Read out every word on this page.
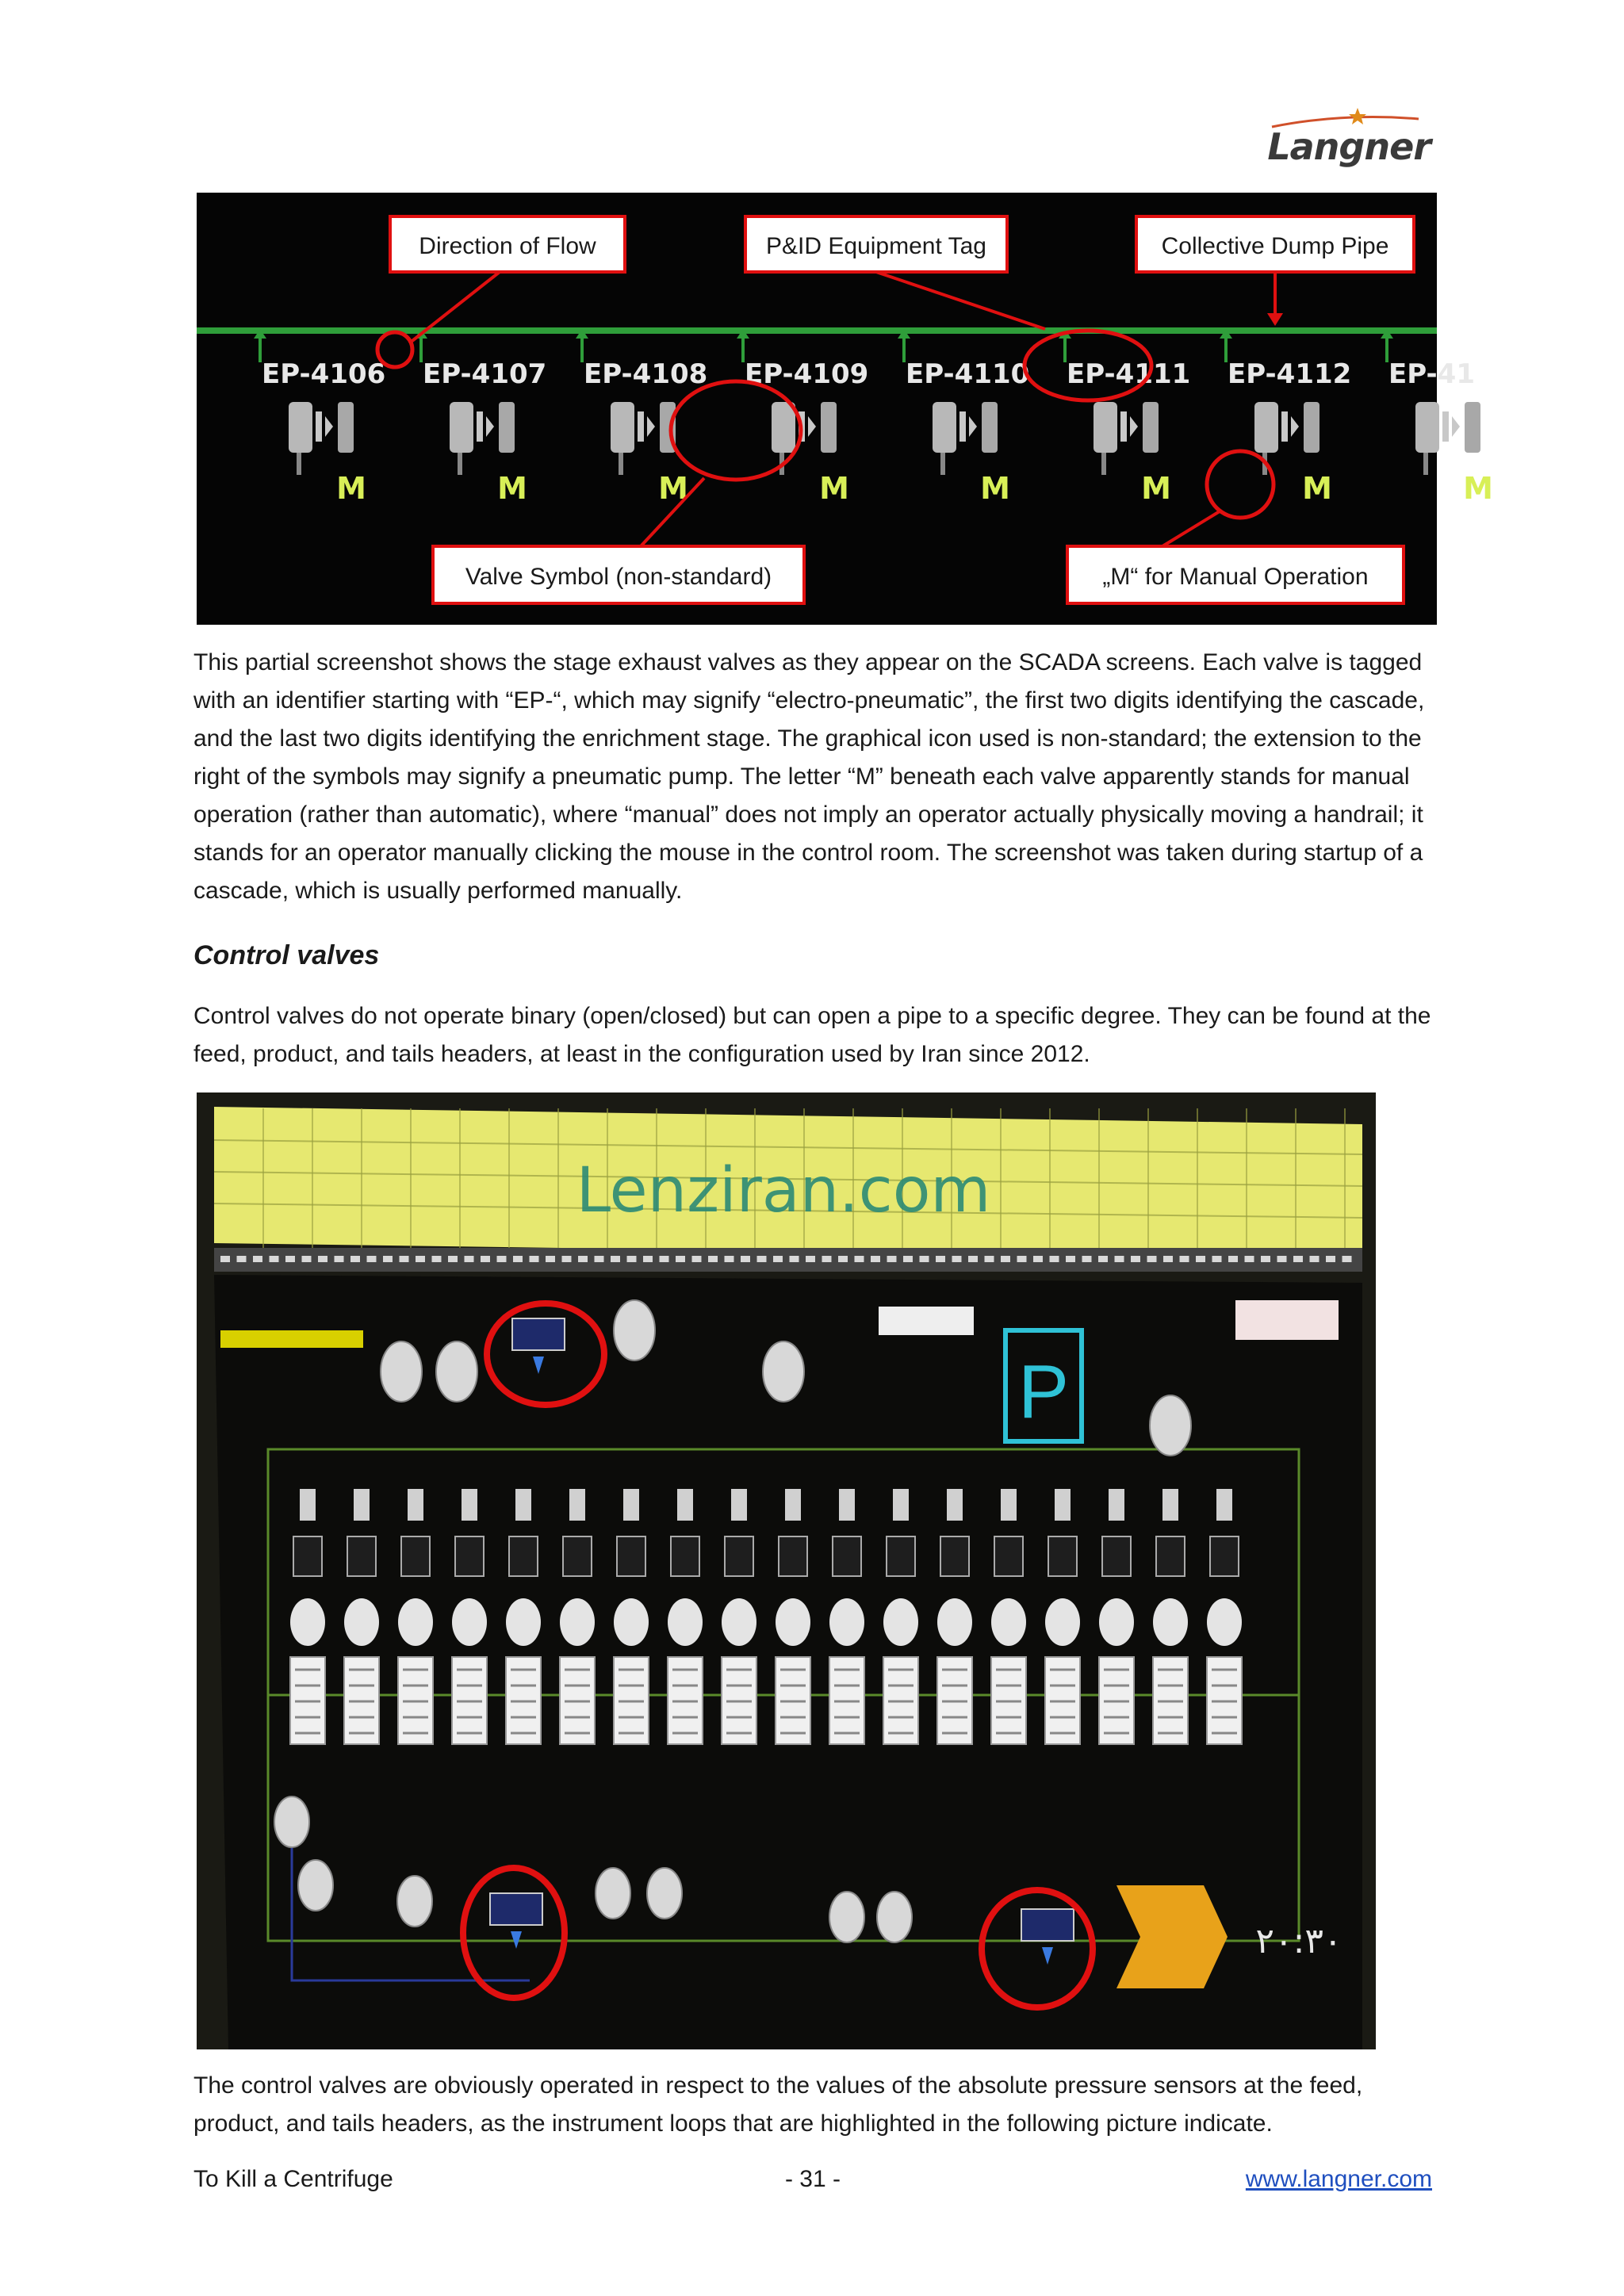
Langner
EP-4106
M
EP-4107
M
EP-4108
M
EP-4109
M
EP-4110
M
EP-4111
M
EP-4112
M
EP-41
M
Direction of Flow	P&ID Equipment Tag	Collective Dump Pipe
Valve Symbol (non-standard)	„M“ for Manual Operation

This partial screenshot shows the stage exhaust valves as they appear on the SCADA screens. Each valve is tagged with an identifier starting with “EP-“, which may signify “electro-pneumatic”, the first two digits identifying the cascade, and the last two digits identifying the enrichment stage. The graphical icon used is non-standard; the extension to the right of the symbols may signify a pneumatic pump. The letter “M” beneath each valve apparently stands for manual operation (rather than automatic), where “manual” does not imply an operator actually physically moving a handrail; it stands for an operator manually clicking the mouse in the control room. The screenshot was taken during startup of a cascade, which is usually performed manually.

Control valves

Control valves do not operate binary (open/closed) but can open a pipe to a specific degree. They can be found at the feed, product, and tails headers, at least in the configuration used by Iran since 2012.

Lenziran.com
P
۲۰:۳۰

The control valves are obviously operated in respect to the values of the absolute pressure sensors at the feed, product, and tails headers, as the instrument loops that are highlighted in the following picture indicate.

To Kill a Centrifuge	- 31 -	www.langner.com
